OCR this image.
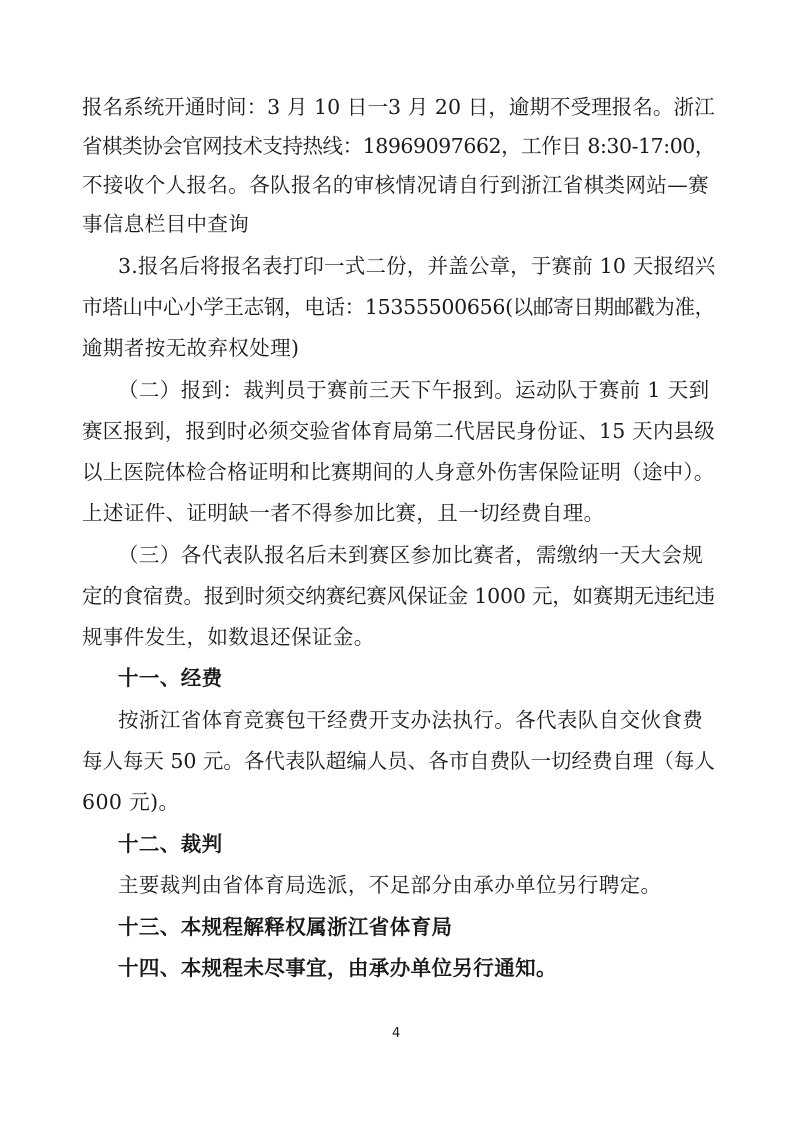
报名系统开通时间：3 月 10 日一3 月 20 日，逾期不受理报名。浙江
省棋类协会官网技术支持热线：18969097662，工作日 8:30-17:00，
不接收个人报名。各队报名的审核情况请自行到浙江省棋类网站—赛
事信息栏目中查询
3.报名后将报名表打印一式二份，并盖公章，于赛前 10 天报绍兴
市塔山中心小学王志钢，电话：15355500656(以邮寄日期邮戳为准，
逾期者按无故弃权处理)
（二）报到：裁判员于赛前三天下午报到。运动队于赛前 1 天到
赛区报到，报到时必须交验省体育局第二代居民身份证、15 天内县级
以上医院体检合格证明和比赛期间的人身意外伤害保险证明（途中）。
上述证件、证明缺一者不得参加比赛，且一切经费自理。
（三）各代表队报名后未到赛区参加比赛者，需缴纳一天大会规
定的食宿费。报到时须交纳赛纪赛风保证金 1000 元，如赛期无违纪违
规事件发生，如数退还保证金。
十一、经费
按浙江省体育竞赛包干经费开支办法执行。各代表队自交伙食费
每人每天 50 元。各代表队超编人员、各市自费队一切经费自理（每人
600 元)。
十二、裁判
主要裁判由省体育局选派，不足部分由承办单位另行聘定。
十三、本规程解释权属浙江省体育局
十四、本规程未尽事宜，由承办单位另行通知。
4
